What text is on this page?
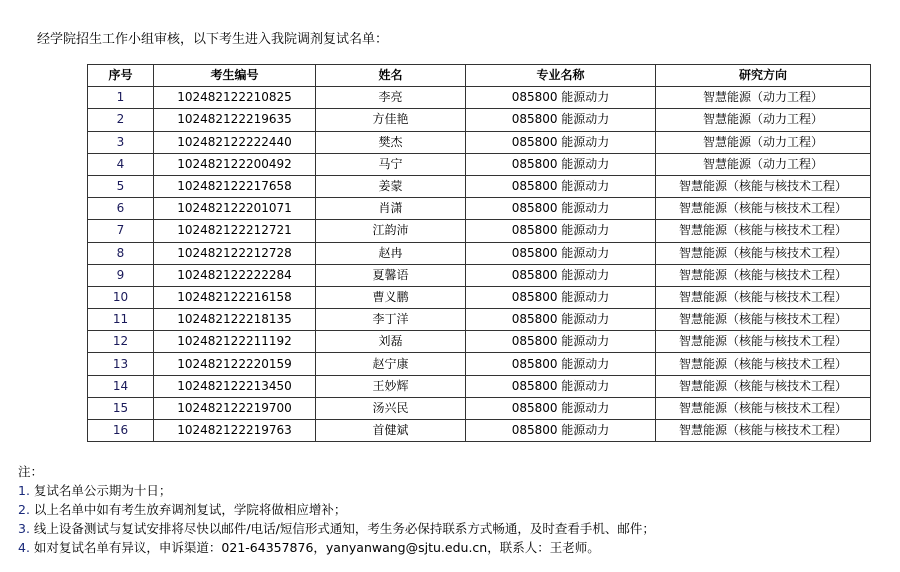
经学院招生工作小组审核，以下考生进入我院调剂复试名单：
序号	考生编号	姓名	专业名称	研究方向
1	102482122210825	李亮	085800 能源动力	智慧能源（动力工程）
2	102482122219635	方佳艳	085800 能源动力	智慧能源（动力工程）
3	102482122222440	樊杰	085800 能源动力	智慧能源（动力工程）
4	102482122200492	马宁	085800 能源动力	智慧能源（动力工程）
5	102482122217658	姜蒙	085800 能源动力	智慧能源（核能与核技术工程）
6	102482122201071	肖潇	085800 能源动力	智慧能源（核能与核技术工程）
7	102482122212721	江韵沛	085800 能源动力	智慧能源（核能与核技术工程）
8	102482122212728	赵冉	085800 能源动力	智慧能源（核能与核技术工程）
9	102482122222284	夏馨语	085800 能源动力	智慧能源（核能与核技术工程）
10	102482122216158	曹义鹏	085800 能源动力	智慧能源（核能与核技术工程）
11	102482122218135	李丁洋	085800 能源动力	智慧能源（核能与核技术工程）
12	102482122211192	刘磊	085800 能源动力	智慧能源（核能与核技术工程）
13	102482122220159	赵宁康	085800 能源动力	智慧能源（核能与核技术工程）
14	102482122213450	王妙辉	085800 能源动力	智慧能源（核能与核技术工程）
15	102482122219700	汤兴民	085800 能源动力	智慧能源（核能与核技术工程）
16	102482122219763	首健斌	085800 能源动力	智慧能源（核能与核技术工程）
注：
1. 复试名单公示期为十日；
2. 以上名单中如有考生放弃调剂复试，学院将做相应增补；
3. 线上设备测试与复试安排将尽快以邮件/电话/短信形式通知，考生务必保持联系方式畅通，及时查看手机、邮件；
4. 如对复试名单有异议，申诉渠道：021-64357876，yanyanwang@sjtu.edu.cn，联系人：王老师。
